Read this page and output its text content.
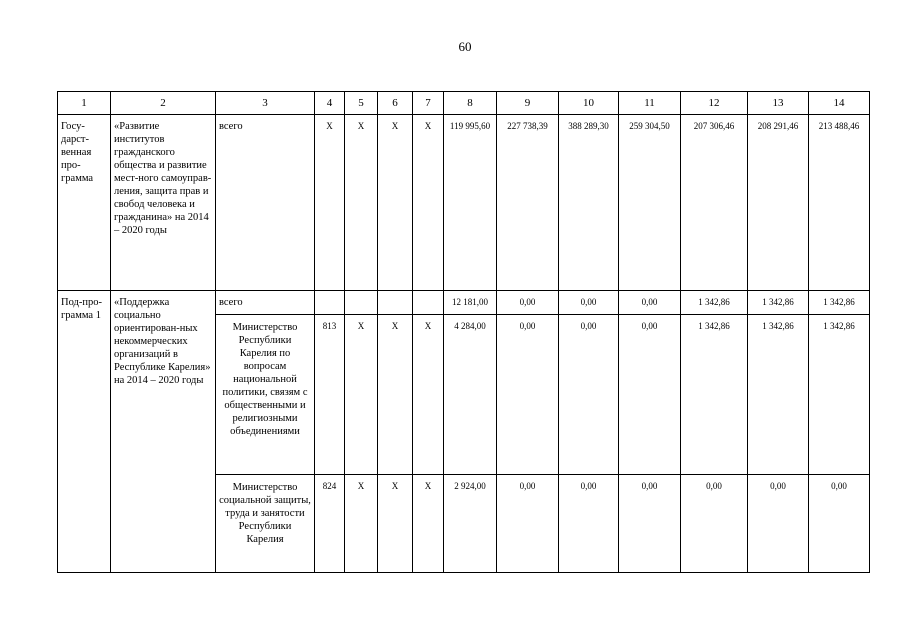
60
1	2	3	4	5	6	7	8	9	10	11	12	13	14
Госу-дарст-венная про-грамма	«Развитие институтов гражданского общества и развитие мест-ного самоуправ-ления, защита прав и свобод человека и гражданина» на 2014 – 2020 годы	всего	Х	Х	Х	Х	119 995,60	227 738,39	388 289,30	259 304,50	207 306,46	208 291,46	213 488,46
Под-про-грамма 1	«Поддержка социально ориентирован-ных некоммерческих организаций в Республике Карелия» на 2014 – 2020 годы	всего					12 181,00	0,00	0,00	0,00	1 342,86	1 342,86	1 342,86
		Министерство Республики Карелия по вопросам национальной политики, связям с общественными и религиозными объединениями	813	Х	Х	Х	4 284,00	0,00	0,00	0,00	1 342,86	1 342,86	1 342,86
		Министерство социальной защиты, труда и занятости Республики Карелия	824	Х	Х	Х	2 924,00	0,00	0,00	0,00	0,00	0,00	0,00
